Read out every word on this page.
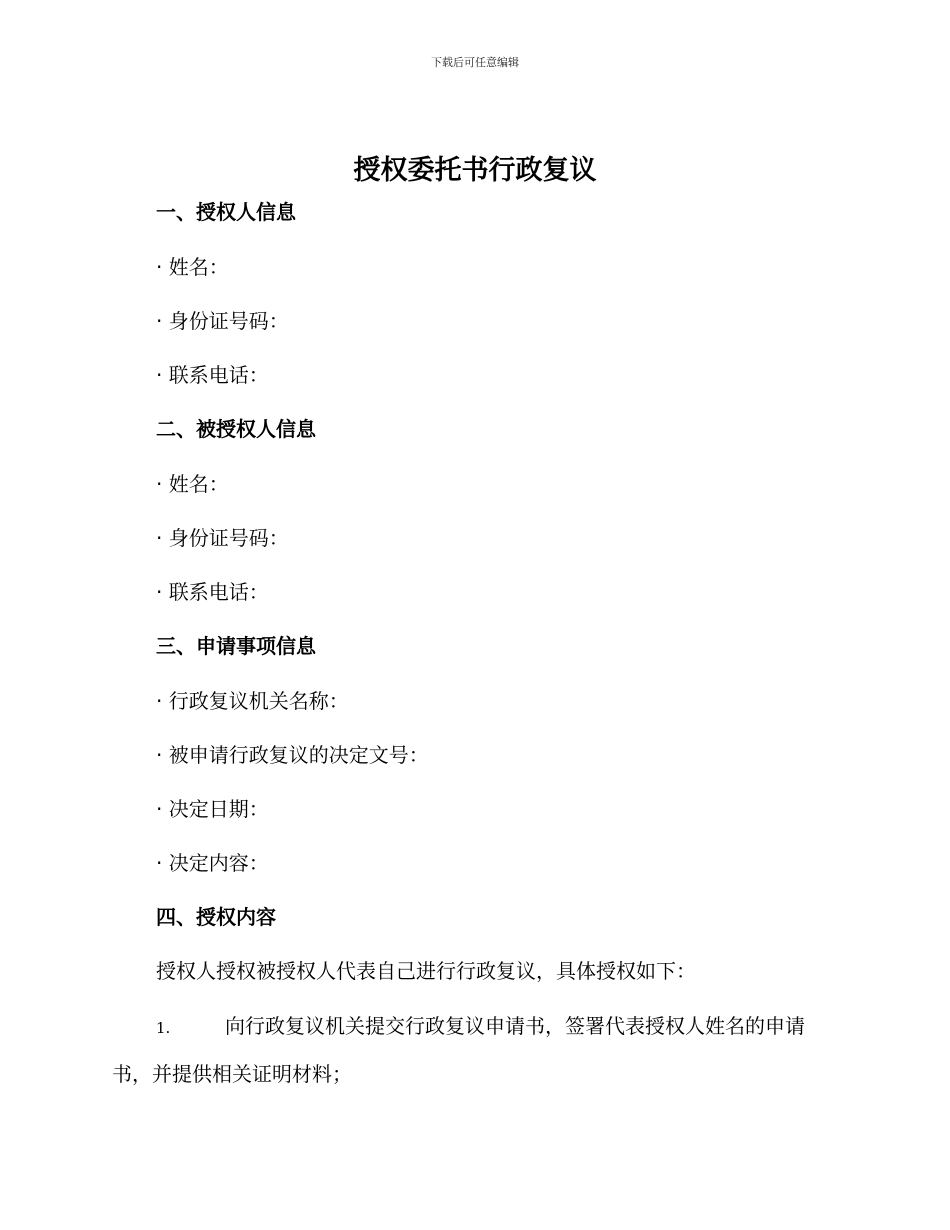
下载后可任意编辑
授权委托书行政复议
一、授权人信息
· 姓名：
· 身份证号码：
· 联系电话：
二、被授权人信息
· 姓名：
· 身份证号码：
· 联系电话：
三、申请事项信息
· 行政复议机关名称：
· 被申请行政复议的决定文号：
· 决定日期：
· 决定内容：
四、授权内容
授权人授权被授权人代表自己进行行政复议，具体授权如下：
1.	向行政复议机关提交行政复议申请书，签署代表授权人姓名的申请书，并提供相关证明材料；
